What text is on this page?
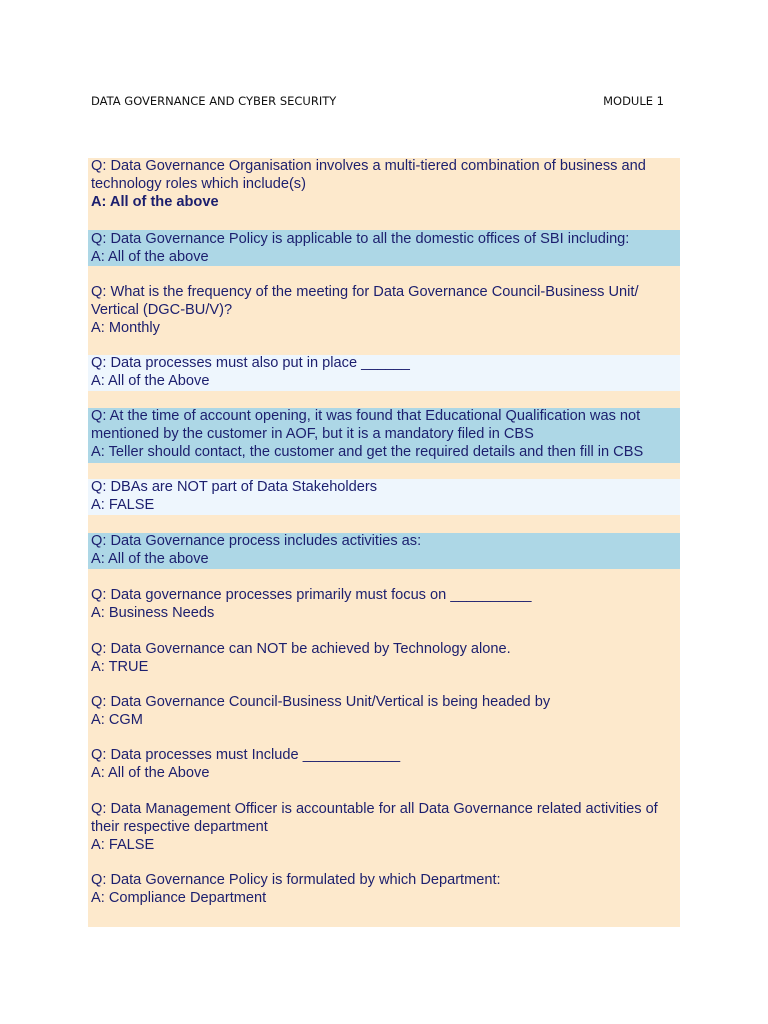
DATA GOVERNANCE AND CYBER SECURITY	MODULE 1
Q: Data Governance Organisation involves a multi-tiered combination of business and technology roles which include(s)
A: All of the above
Q: Data Governance Policy is applicable to all the domestic offices of SBI including:
A: All of the above
Q: What is the frequency of the meeting for Data Governance Council-Business Unit/ Vertical (DGC-BU/V)?
A: Monthly
Q: Data processes must also put in place ______
A: All of the Above
Q: At the time of account opening, it was found that Educational Qualification was not mentioned by the customer in AOF, but it is a mandatory filed in CBS
A: Teller should contact, the customer and get the required details and then fill in CBS
Q: DBAs are NOT part of Data Stakeholders
A: FALSE
Q: Data Governance process includes activities as:
A: All of the above
Q: Data governance processes primarily must focus on __________
A: Business Needs
Q: Data Governance can NOT be achieved by Technology alone.
A: TRUE
Q: Data Governance Council-Business Unit/Vertical is being headed by
A: CGM
Q: Data processes must Include ____________
A: All of the Above
Q: Data Management Officer is accountable for all Data Governance related activities of their respective department
A: FALSE
Q: Data Governance Policy is formulated by which Department:
A: Compliance Department
